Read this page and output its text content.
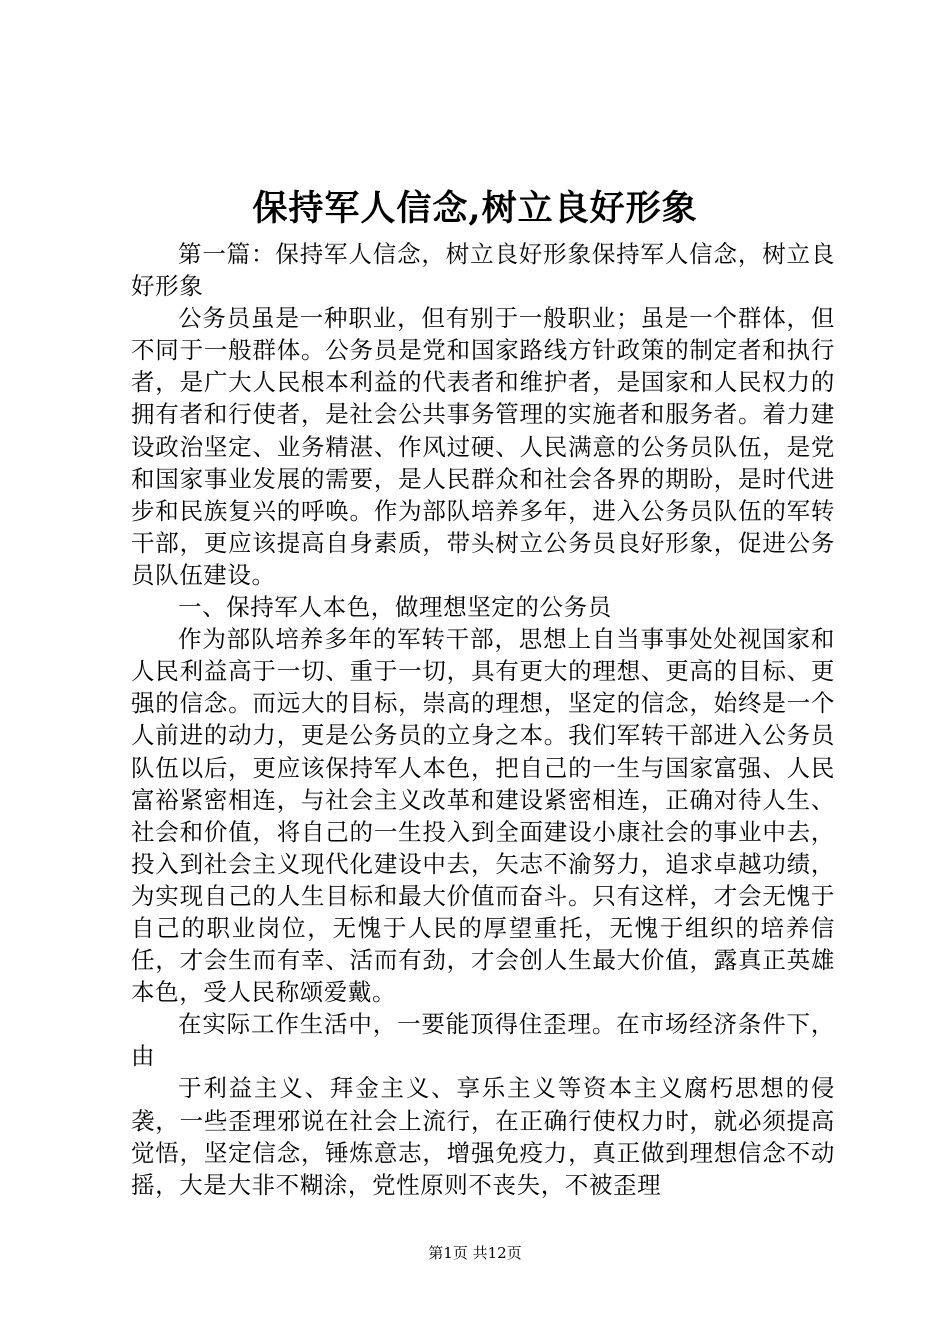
保持军人信念,树立良好形象

第一篇：保持军人信念，树立良好形象保持军人信念，树立良好形象

公务员虽是一种职业，但有别于一般职业；虽是一个群体，但不同于一般群体。公务员是党和国家路线方针政策的制定者和执行者，是广大人民根本利益的代表者和维护者，是国家和人民权力的拥有者和行使者，是社会公共事务管理的实施者和服务者。着力建设政治坚定、业务精湛、作风过硬、人民满意的公务员队伍，是党和国家事业发展的需要，是人民群众和社会各界的期盼，是时代进步和民族复兴的呼唤。作为部队培养多年，进入公务员队伍的军转干部，更应该提高自身素质，带头树立公务员良好形象，促进公务员队伍建设。

一、保持军人本色，做理想坚定的公务员

作为部队培养多年的军转干部，思想上自当事事处处视国家和人民利益高于一切、重于一切，具有更大的理想、更高的目标、更强的信念。而远大的目标，崇高的理想，坚定的信念，始终是一个人前进的动力，更是公务员的立身之本。我们军转干部进入公务员队伍以后，更应该保持军人本色，把自己的一生与国家富强、人民富裕紧密相连，与社会主义改革和建设紧密相连，正确对待人生、社会和价值，将自己的一生投入到全面建设小康社会的事业中去，投入到社会主义现代化建设中去，矢志不渝努力，追求卓越功绩，为实现自己的人生目标和最大价值而奋斗。只有这样，才会无愧于自己的职业岗位，无愧于人民的厚望重托，无愧于组织的培养信任，才会生而有幸、活而有劲，才会创人生最大价值，露真正英雄本色，受人民称颂爱戴。

在实际工作生活中，一要能顶得住歪理。在市场经济条件下，由

于利益主义、拜金主义、享乐主义等资本主义腐朽思想的侵袭，一些歪理邪说在社会上流行，在正确行使权力时，就必须提高觉悟，坚定信念，锤炼意志，增强免疫力，真正做到理想信念不动摇，大是大非不糊涂，党性原则不丧失，不被歪理

第1页 共12页
